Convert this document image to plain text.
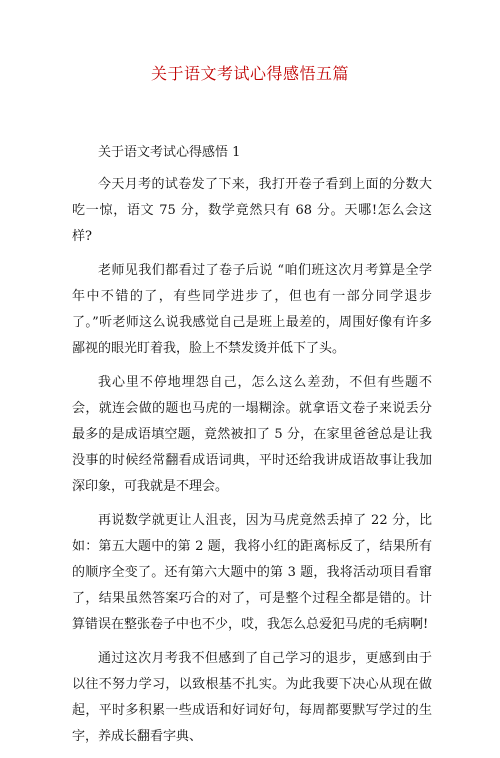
关于语文考试心得感悟五篇

关于语文考试心得感悟 1

今天月考的试卷发了下来，我打开卷子看到上面的分数大吃一惊，语文 75 分，数学竟然只有 68 分。天哪!怎么会这样?

老师见我们都看过了卷子后说 “咱们班这次月考算是全学年中不错的了，有些同学进步了，但也有一部分同学退步了。”听老师这么说我感觉自己是班上最差的，周围好像有许多鄙视的眼光盯着我，脸上不禁发烫并低下了头。

我心里不停地埋怨自己，怎么这么差劲，不但有些题不会，就连会做的题也马虎的一塌糊涂。就拿语文卷子来说丢分最多的是成语填空题，竟然被扣了 5 分，在家里爸爸总是让我没事的时候经常翻看成语词典，平时还给我讲成语故事让我加深印象，可我就是不理会。

再说数学就更让人沮丧，因为马虎竟然丢掉了 22 分，比如：第五大题中的第 2 题，我将小红的距离标反了，结果所有的顺序全变了。还有第六大题中的第 3 题，我将活动项目看窜了，结果虽然答案巧合的对了，可是整个过程全都是错的。计算错误在整张卷子中也不少，哎，我怎么总爱犯马虎的毛病啊!

通过这次月考我不但感到了自己学习的退步，更感到由于以往不努力学习，以致根基不扎实。为此我要下决心从现在做起，平时多积累一些成语和好词好句，每周都要默写学过的生字，养成长翻看字典、
